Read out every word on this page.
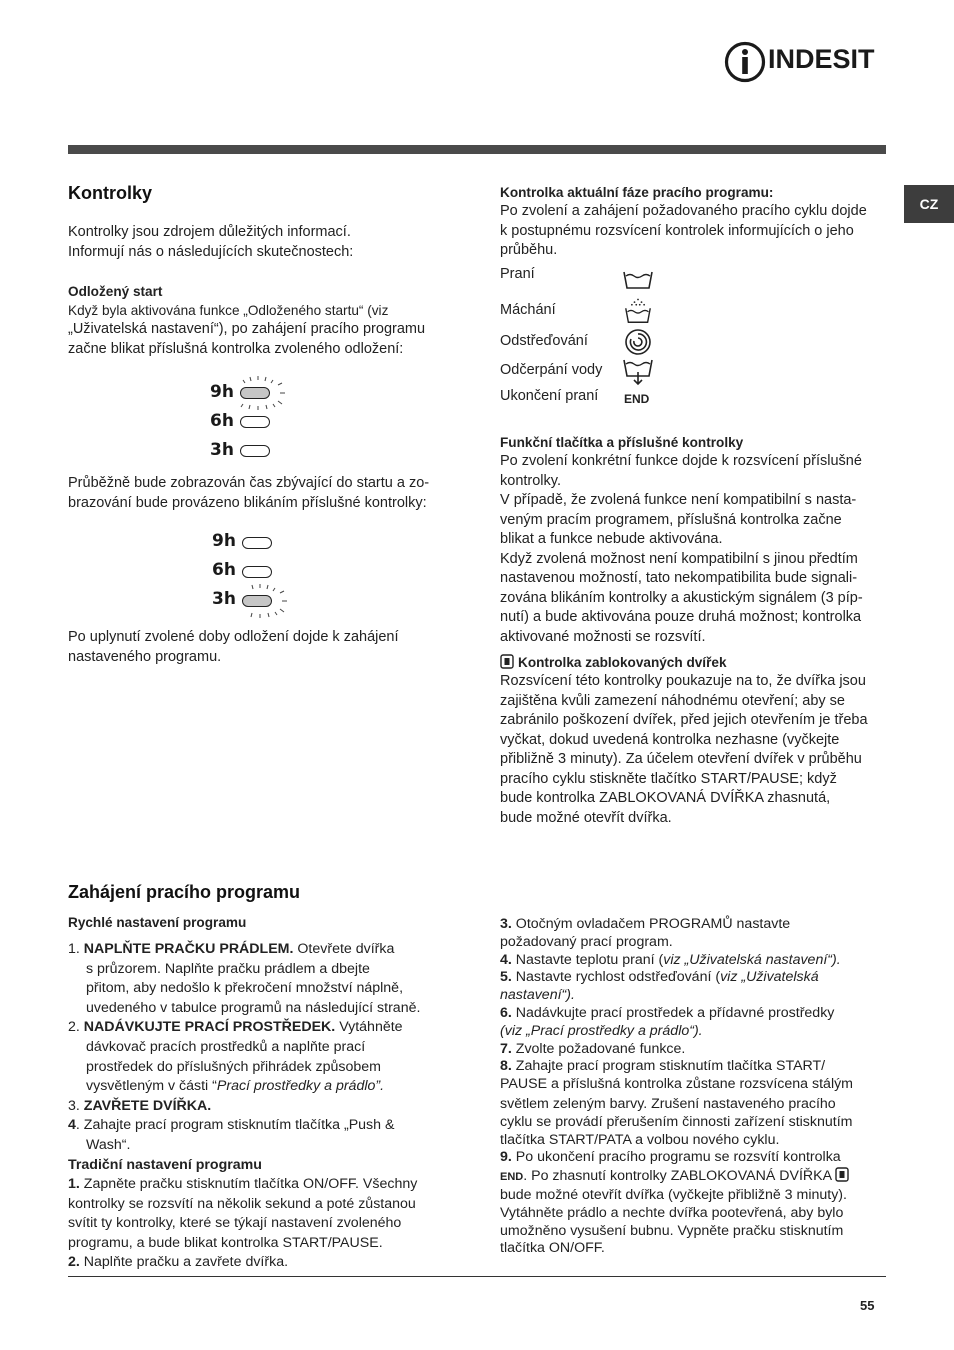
INDESIT
CZ
Kontrolky

Kontrolky jsou zdrojem důležitých informací.

Informují nás o následujících skutečnostech:

Odložený start

Když byla aktivována funkce „Odloženého startu“ (viz

„Uživatelská nastavení“), po zahájení pracího programu

začne blikat příslušná kontrolka zvoleného odložení:

9h
6h
3h

Průběžně bude zobrazován čas zbývající do startu a zo-

brazování bude provázeno blikáním příslušné kontrolky:

9h
6h
3h

Po uplynutí zvolené doby odložení dojde k zahájení

nastaveného programu.

Kontrolka aktuální fáze pracího programu:

Po zvolení a zahájení požadovaného pracího cyklu dojde

k postupnému rozsvícení kontrolek informujících o jeho

průběhu.

Praní
Máchání
Odstřeďování
Odčerpání vody
Ukončení praní END
Funkční tlačítka a příslušné kontrolky

Po zvolení konkrétní funkce dojde k rozsvícení příslušné

kontrolky.

V případě, že zvolená funkce není kompatibilní s nasta-

veným pracím programem, příslušná kontrolka začne

blikat a funkce nebude aktivována.

Když zvolená možnost není kompatibilní s jinou předtím

nastavenou možností, tato nekompatibilita bude signali-

zována blikáním kontrolky a akustickým signálem (3 píp-

nutí) a bude aktivována pouze druhá možnost; kontrolka

aktivované možnosti se rozsvítí.

Kontrolka zablokovaných dvířek

Rozsvícení této kontrolky poukazuje na to, že dvířka jsou

zajištěna kvůli zamezení náhodnému otevření; aby se

zabránilo poškození dvířek, před jejich otevřením je třeba

vyčkat, dokud uvedená kontrolka nezhasne (vyčkejte

přibližně 3 minuty). Za účelem otevření dvířek v průběhu

pracího cyklu stiskněte tlačítko START/PAUSE; když

bude kontrolka ZABLOKOVANÁ DVÍŘKA zhasnutá,

bude možné otevřít dvířka.

Zahájení pracího programu
Rychlé nastavení programu

1. NAPLŇTE PRAČKU PRÁDLEM. Otevřete dvířka

s průzorem. Naplňte pračku prádlem a dbejte

přitom, aby nedošlo k překročení množství náplně,

uvedeného v tabulce programů na následující straně.

2. NADÁVKUJTE PRACÍ PROSTŘEDEK. Vytáhněte

dávkovač pracích prostředků a naplňte prací

prostředek do příslušných přihrádek způsobem

vysvětleným v části “Prací prostředky a prádlo”.

3. ZAVŘETE DVÍŘKA.

4. Zahajte prací program stisknutím tlačítka „Push &

Wash“.

Tradiční nastavení programu

1. Zapněte pračku stisknutím tlačítka ON/OFF. Všechny

kontrolky se rozsvítí na několik sekund a poté zůstanou

svítit ty kontrolky, které se týkají nastavení zvoleného

programu, a bude blikat kontrolka START/PAUSE.

2. Naplňte pračku a zavřete dvířka.

3. Otočným ovladačem PROGRAMŮ nastavte

požadovaný prací program.

4. Nastavte teplotu praní (viz „Uživatelská nastavení“).

5. Nastavte rychlost odstřeďování (viz „Uživatelská

nastavení“).

6. Nadávkujte prací prostředek a přídavné prostředky

(viz „Prací prostředky a prádlo“).

7. Zvolte požadované funkce.

8. Zahajte prací program stisknutím tlačítka START/

PAUSE a příslušná kontrolka zůstane rozsvícena stálým

světlem zeleným barvy. Zrušení nastaveného pracího

cyklu se provádí přerušením činnosti zařízení stisknutím

tlačítka START/PATA a volbou nového cyklu.

9. Po ukončení pracího programu se rozsvítí kontrolka

END. Po zhasnutí kontrolky ZABLOKOVANÁ DVÍŘKA

bude možné otevřít dvířka (vyčkejte přibližně 3 minuty).

Vytáhněte prádlo a nechte dvířka pootevřená, aby bylo

umožněno vysušení bubnu. Vypněte pračku stisknutím

tlačítka ON/OFF.

55
